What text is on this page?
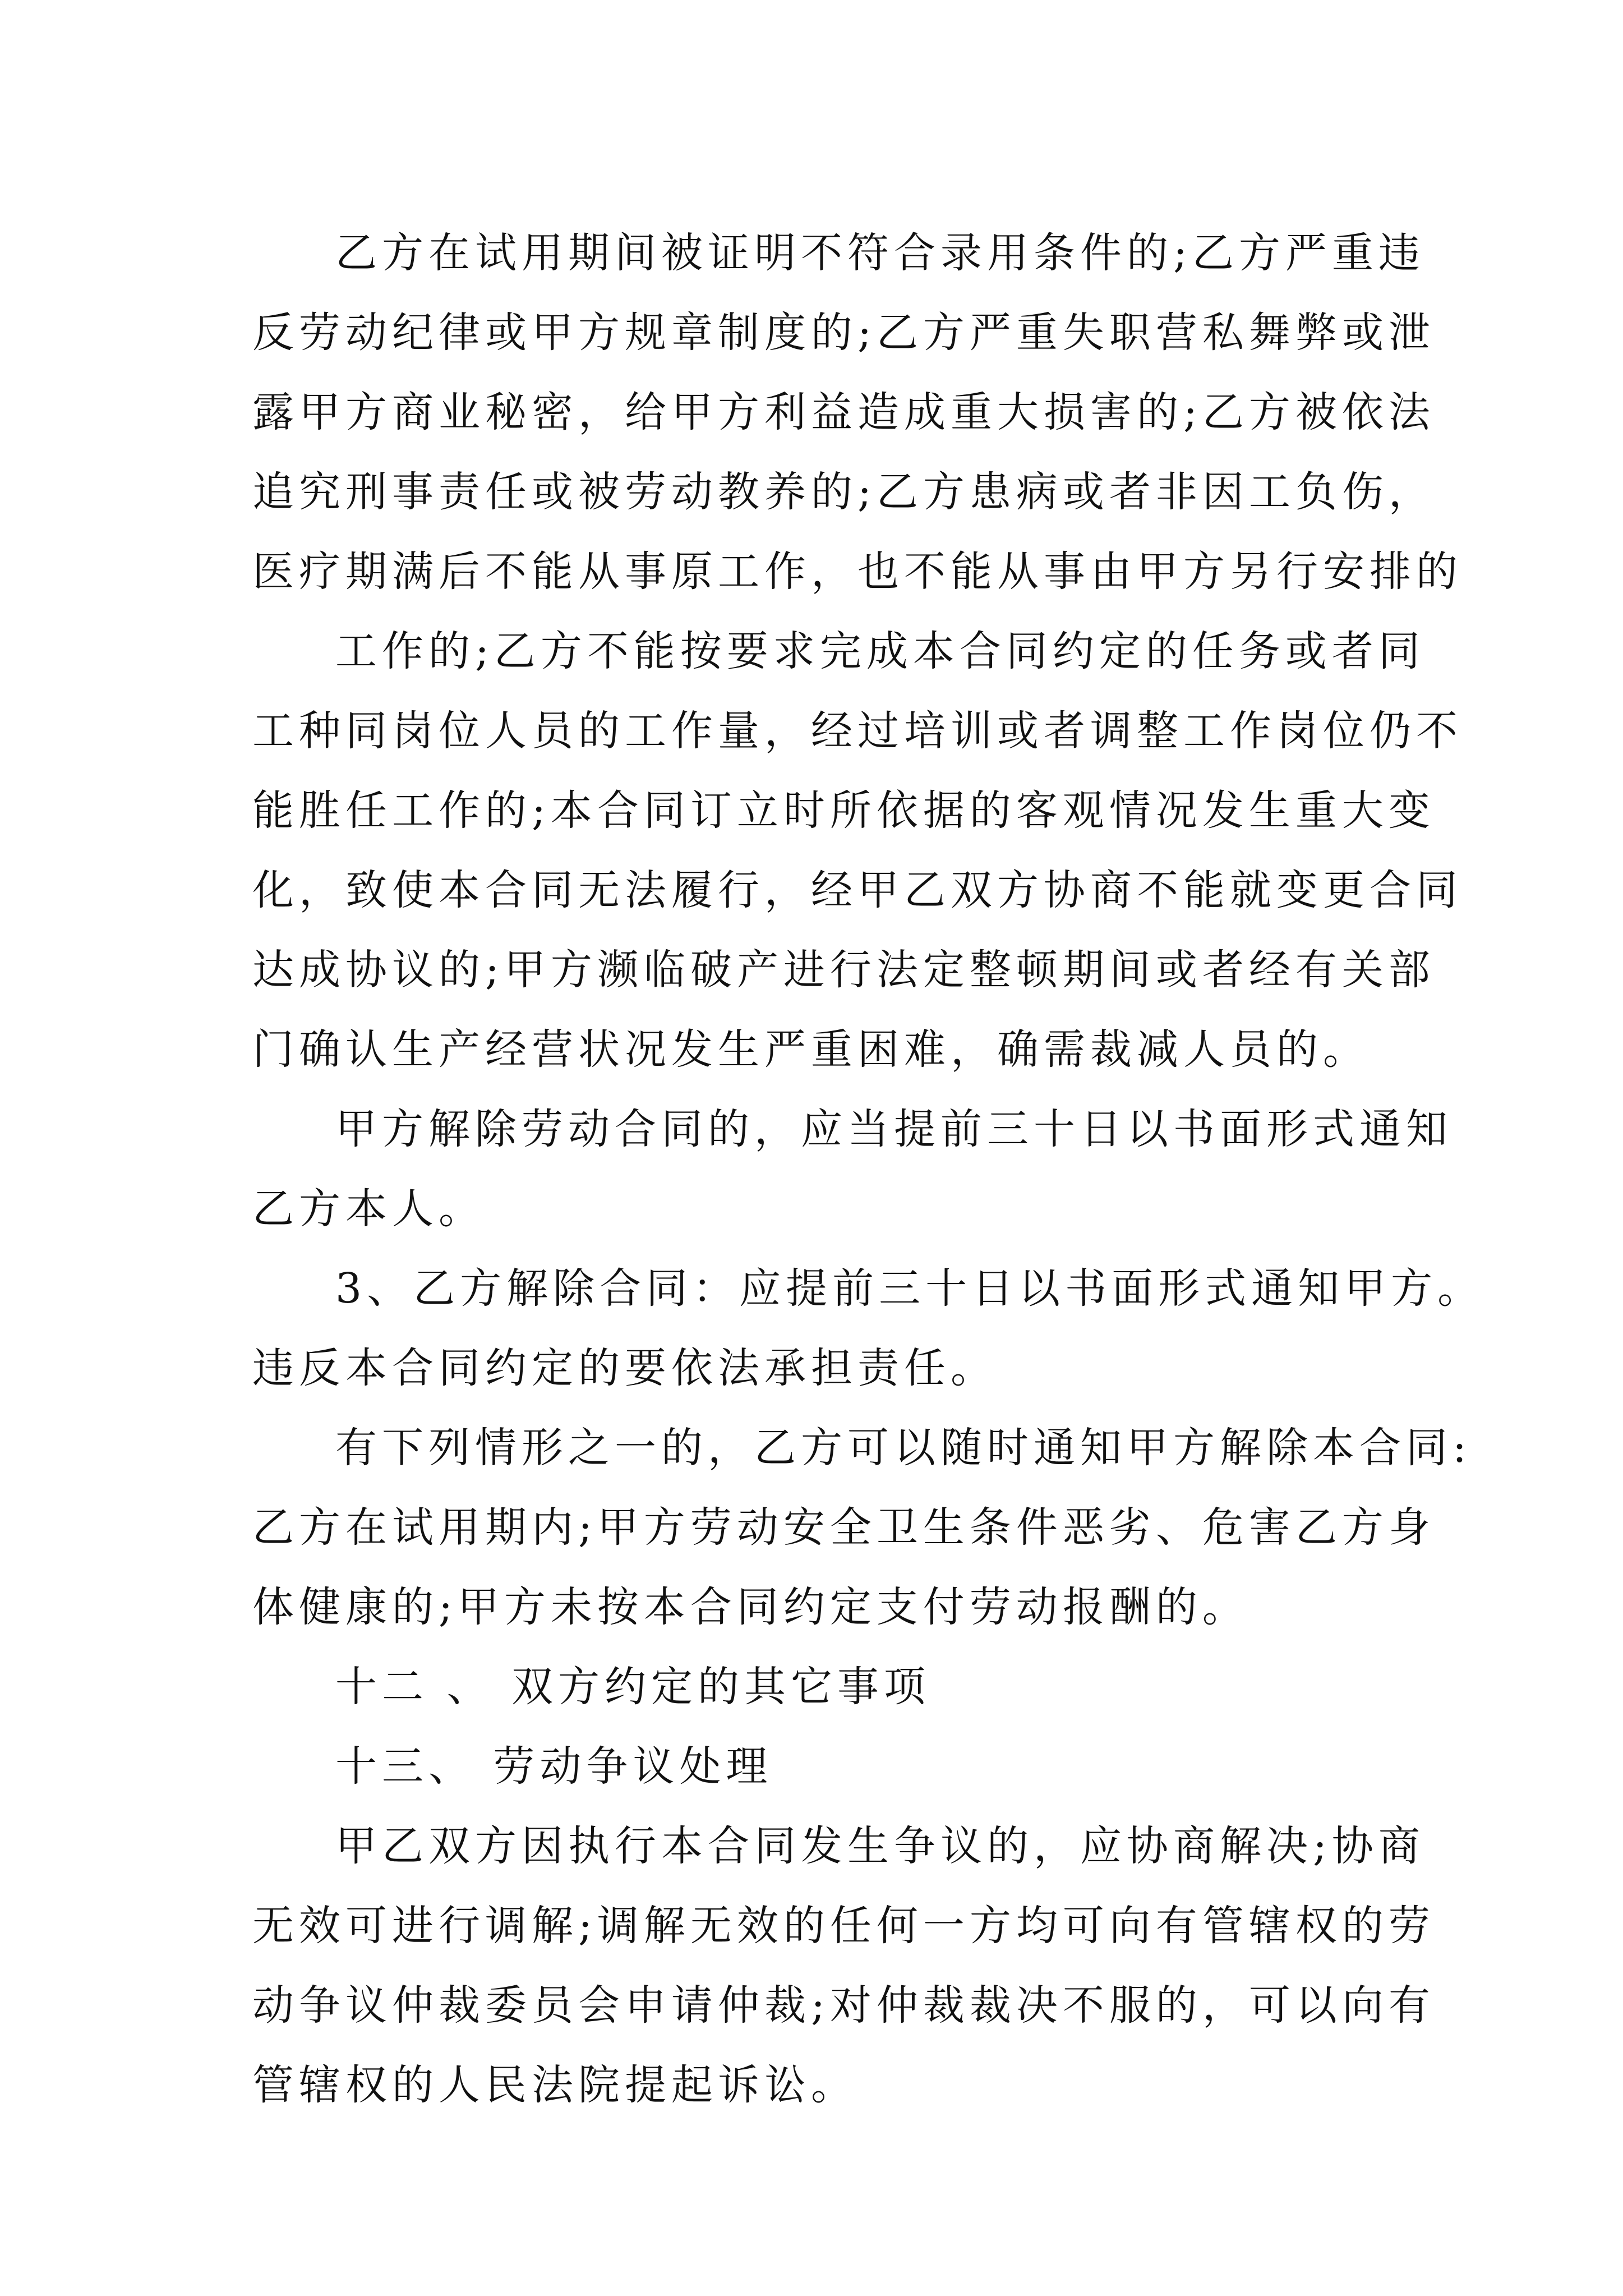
乙方在试用期间被证明不符合录用条件的;乙方严重违
反劳动纪律或甲方规章制度的;乙方严重失职营私舞弊或泄
露甲方商业秘密，给甲方利益造成重大损害的;乙方被依法
追究刑事责任或被劳动教养的;乙方患病或者非因工负伤，
医疗期满后不能从事原工作，也不能从事由甲方另行安排的
工作的;乙方不能按要求完成本合同约定的任务或者同
工种同岗位人员的工作量，经过培训或者调整工作岗位仍不
能胜任工作的;本合同订立时所依据的客观情况发生重大变
化，致使本合同无法履行，经甲乙双方协商不能就变更合同
达成协议的;甲方濒临破产进行法定整顿期间或者经有关部
门确认生产经营状况发生严重困难，确需裁减人员的。
甲方解除劳动合同的，应当提前三十日以书面形式通知
乙方本人。
3、乙方解除合同：应提前三十日以书面形式通知甲方。
违反本合同约定的要依法承担责任。
有下列情形之一的，乙方可以随时通知甲方解除本合同:
乙方在试用期内;甲方劳动安全卫生条件恶劣、危害乙方身
体健康的;甲方未按本合同约定支付劳动报酬的。
十二 、 双方约定的其它事项
十三、 劳动争议处理
甲乙双方因执行本合同发生争议的，应协商解决;协商
无效可进行调解;调解无效的任何一方均可向有管辖权的劳
动争议仲裁委员会申请仲裁;对仲裁裁决不服的，可以向有
管辖权的人民法院提起诉讼。
